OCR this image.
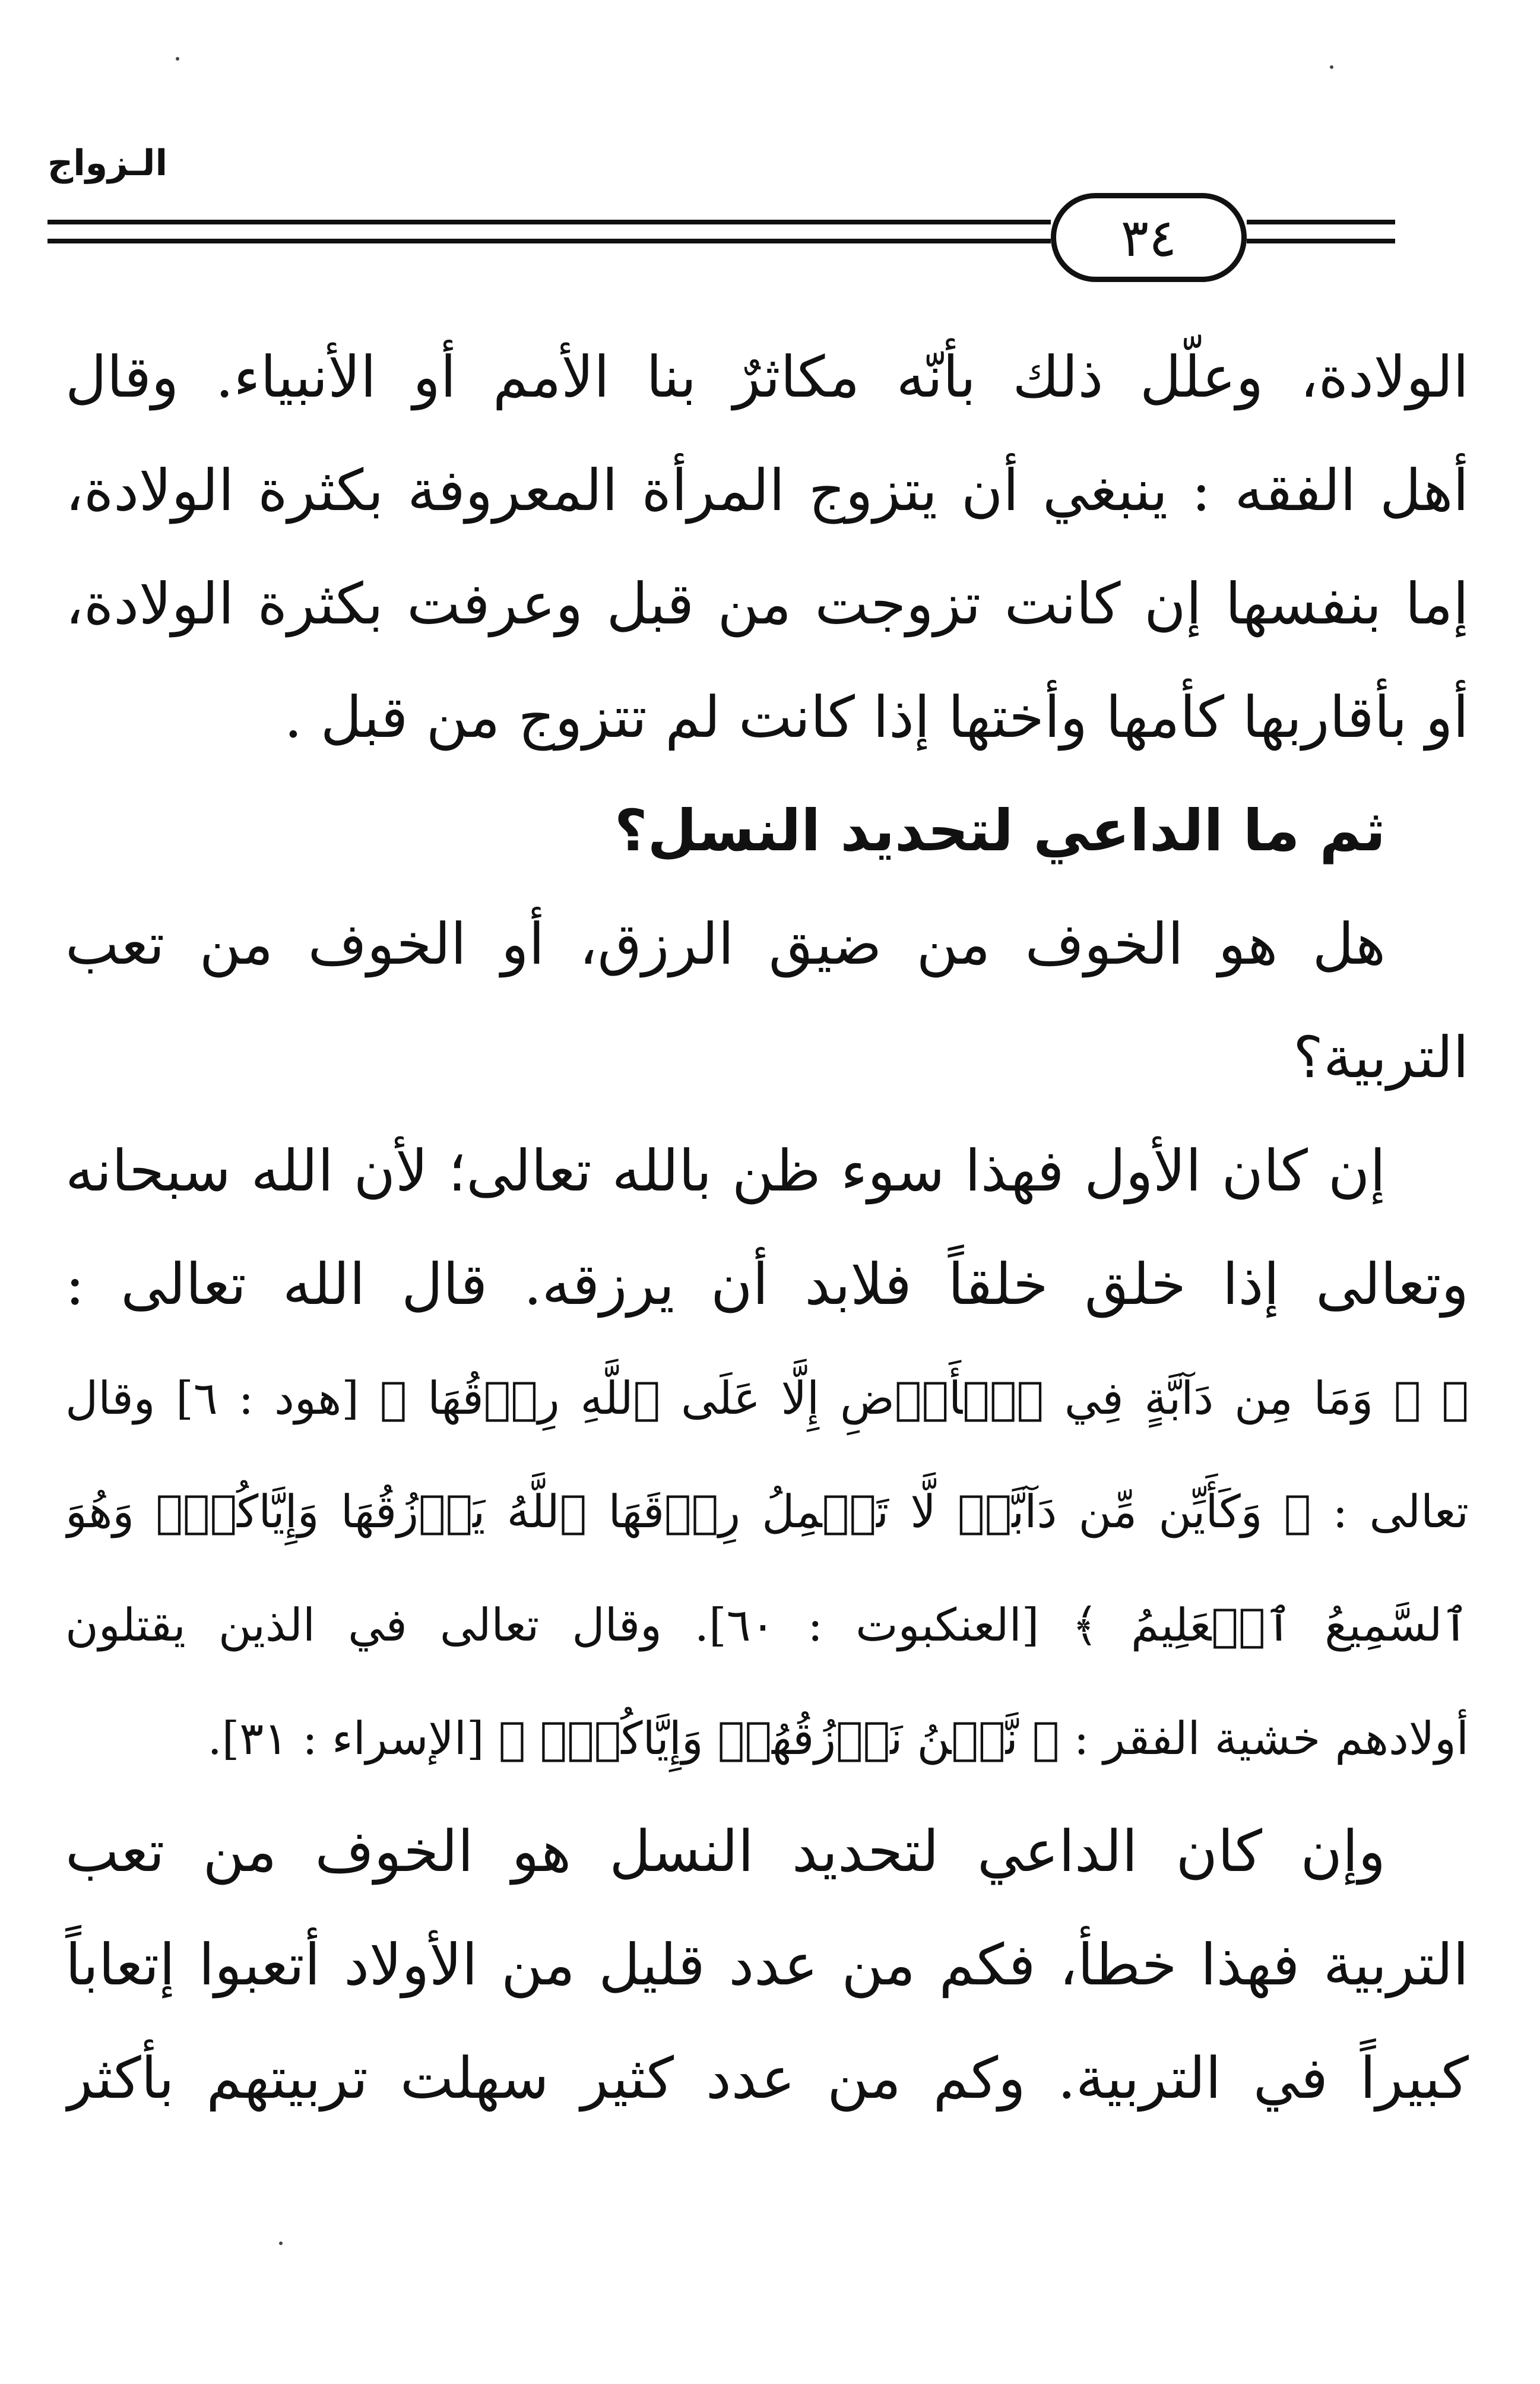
الـزواج
٣٤
الولادة، وعلّل ذلك بأنّه مكاثرٌ بنا الأمم أو الأنبياء. وقال
أهل الفقه : ينبغي أن يتزوج المرأة المعروفة بكثرة الولادة،
إما بنفسها إن كانت تزوجت من قبل وعرفت بكثرة الولادة،
أو بأقاربها كأمها وأختها إذا كانت لم تتزوج من قبل .
ثم ما الداعي لتحديد النسل؟
هل هو الخوف من ضيق الرزق، أو الخوف من تعب
التربية؟
إن كان الأول فهذا سوء ظن بالله تعالى؛ لأن الله سبحانه
وتعالى إذا خلق خلقاً فلابد أن يرزقه. قال الله تعالى :
﴿ ۞ وَمَا مِن دَآبَّةٍ فِي ٱلۡأَرۡضِ إِلَّا عَلَى ٱللَّهِ رِزۡقُهَا ﴾ [هود : ٦] وقال
تعالى : ﴿ وَكَأَيِّن مِّن دَآبَّةٖ لَّا تَحۡمِلُ رِزۡقَهَا ٱللَّهُ يَرۡزُقُهَا وَإِيَّاكُمۡۚ وَهُوَ
ٱلسَّمِيعُ ٱلۡعَلِيمُ ﴾ [العنكبوت : ٦٠]. وقال تعالى في الذين يقتلون
أولادهم خشية الفقر : ﴿ نَّحۡنُ نَرۡزُقُهُمۡ وَإِيَّاكُمۡۚ ﴾ [الإسراء : ٣١].
وإن كان الداعي لتحديد النسل هو الخوف من تعب
التربية فهذا خطأ، فكم من عدد قليل من الأولاد أتعبوا إتعاباً
كبيراً في التربية. وكم من عدد كثير سهلت تربيتهم بأكثر
